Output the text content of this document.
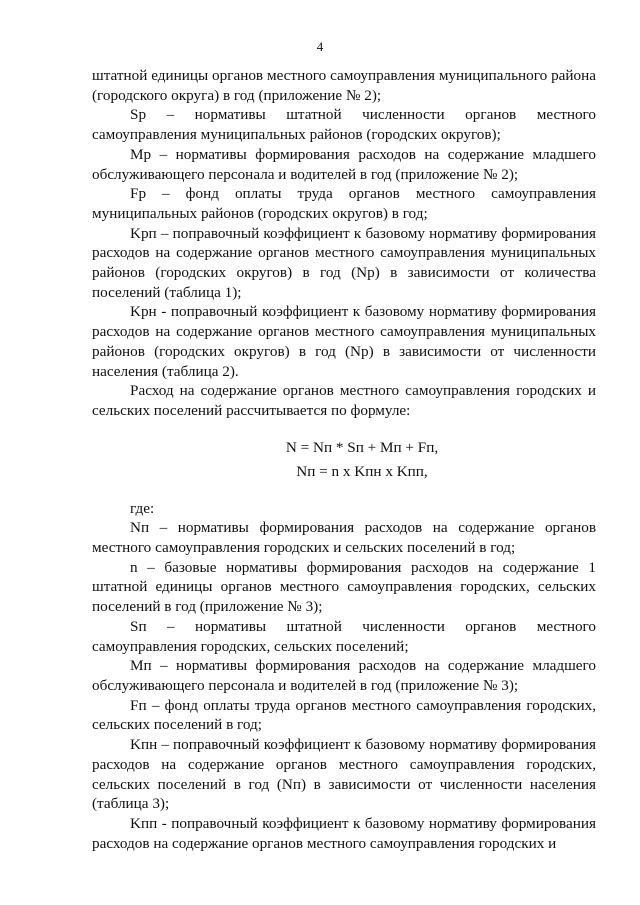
4

штатной единицы органов местного самоуправления муниципального района (городского округа) в год (приложение № 2);

Sр – нормативы штатной численности органов местного самоуправления муниципальных районов (городских округов);

Mр – нормативы формирования расходов на содержание младшего обслуживающего персонала и водителей в год (приложение № 2);

Fр – фонд оплаты труда органов местного самоуправления муниципальных районов (городских округов) в год;

Kрп – поправочный коэффициент к базовому нормативу формирования расходов на содержание органов местного самоуправления муниципальных районов (городских округов) в год (Nр) в зависимости от количества поселений (таблица 1);

Kрн - поправочный коэффициент к базовому нормативу формирования расходов на содержание органов местного самоуправления муниципальных районов (городских округов) в год (Nр) в зависимости от численности населения (таблица 2).

Расход на содержание органов местного самоуправления городских и сельских поселений рассчитывается по формуле:

N = Nп * Sп + Mп + Fп,

Nп = n х Kпн х Kпп,

где:

Nп – нормативы формирования расходов на содержание органов местного самоуправления городских и сельских поселений в год;

n – базовые нормативы формирования расходов на содержание 1 штатной единицы органов местного самоуправления городских, сельских поселений в год (приложение № 3);

Sп – нормативы штатной численности органов местного самоуправления городских, сельских поселений;

Mп – нормативы формирования расходов на содержание младшего обслуживающего персонала и водителей в год (приложение № 3);

Fп – фонд оплаты труда органов местного самоуправления городских, сельских поселений в год;

Kпн – поправочный коэффициент к базовому нормативу формирования расходов на содержание органов местного самоуправления городских, сельских поселений в год (Nп) в зависимости от численности населения (таблица 3);

Kпп - поправочный коэффициент к базовому нормативу формирования расходов на содержание органов местного самоуправления городских и
